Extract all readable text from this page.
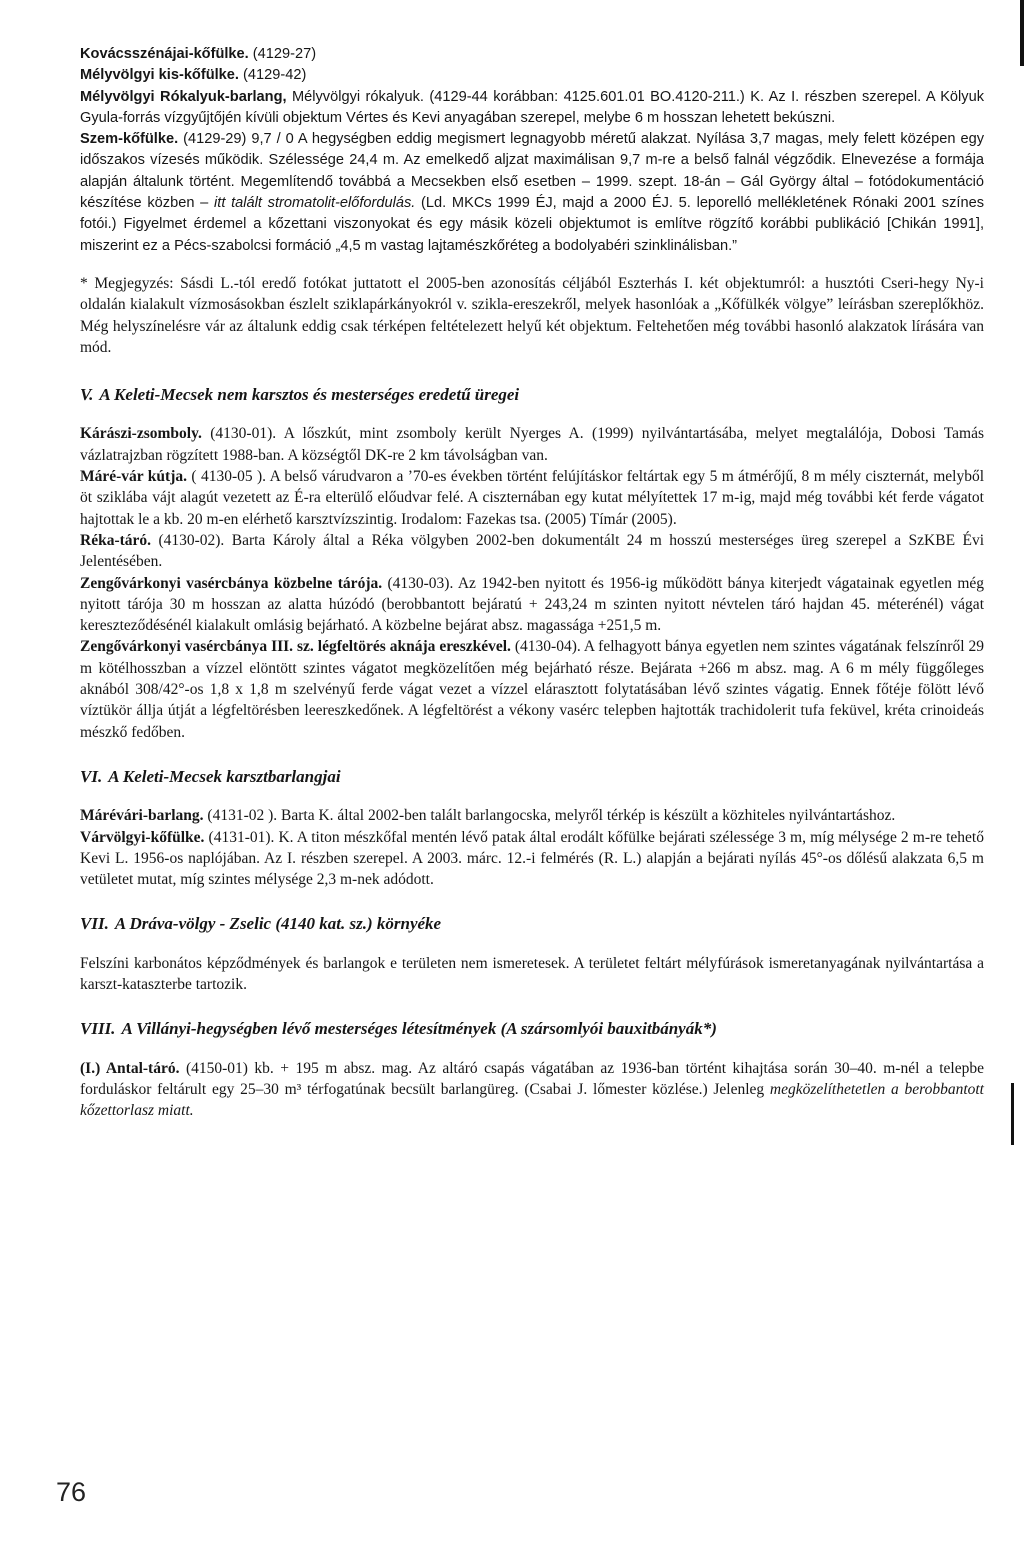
Kovácsszénájai-kőfülke. (4129-27)

Mélyvölgyi kis-kőfülke. (4129-42)

Mélyvölgyi Rókalyuk-barlang, Mélyvölgyi rókalyuk. (4129-44 korábban: 4125.601.01 BO.4120-211.) K. Az I. részben szerepel. A Kölyuk Gyula-forrás vízgyűjtőjén kívüli objektum Vértes és Kevi anyagában szerepel, melybe 6 m hosszan lehetett bekúszni.

Szem-kőfülke. (4129-29) 9,7 / 0 A hegységben eddig megismert legnagyobb méretű alakzat. Nyílása 3,7 magas, mely felett középen egy időszakos vízesés működik. Szélessége 24,4 m. Az emelkedő aljzat maximálisan 9,7 m-re a belső falnál végződik. Elnevezése a formája alapján általunk történt. Megemlítendő továbbá a Mecsekben első esetben – 1999. szept. 18-án – Gál György által – fotódokumentáció készítése közben – itt talált stromatolit-előfordulás. (Ld. MKCs 1999 ÉJ, majd a 2000 ÉJ. 5. leporelló mellékletének Rónaki 2001 színes fotói.) Figyelmet érdemel a kőzettani viszonyokat és egy másik közeli objektumot is említve rögzítő korábbi publikáció [Chikán 1991], miszerint ez a Pécs-szabolcsi formáció „4,5 m vastag lajtamészkőréteg a bodolyabéri szinklinálisban.”

* Megjegyzés: Sásdi L.-tól eredő fotókat juttatott el 2005-ben azonosítás céljából Eszterhás I. két objektumról: a husztóti Cseri-hegy Ny-i oldalán kialakult vízmosásokban észlelt sziklapárkányokról v. szikla-ereszekről, melyek hasonlóak a „Kőfülkék völgye” leírásban szereplőkhöz. Még helyszínelésre vár az általunk eddig csak térképen feltételezett helyű két objektum. Feltehetően még további hasonló alakzatok lírására van mód.

V. A Keleti-Mecsek nem karsztos és mesterséges eredetű üregei

Kárászi-zsomboly. (4130-01). A lőszkút, mint zsomboly került Nyerges A. (1999) nyilvántartásába, melyet megtalálója, Dobosi Tamás vázlatrajzban rögzített 1988-ban. A községtől DK-re 2 km távolságban van.

Máré-vár kútja. ( 4130-05 ). A belső várudvaron a ’70-es években történt felújításkor feltártak egy 5 m átmérőjű, 8 m mély ciszternát, melyből öt sziklába vájt alagút vezetett az É-ra elterülő előudvar felé. A ciszternában egy kutat mélyítettek 17 m-ig, majd még további két ferde vágatot hajtottak le a kb. 20 m-en elérhető karsztvízszintig. Irodalom: Fazekas tsa. (2005) Tímár (2005).

Réka-táró. (4130-02). Barta Károly által a Réka völgyben 2002-ben dokumentált 24 m hosszú mesterséges üreg szerepel a SzKBE Évi Jelentésében.

Zengővárkonyi vasércbánya közbelne tárója. (4130-03). Az 1942-ben nyitott és 1956-ig működött bánya kiterjedt vágatainak egyetlen még nyitott tárója 30 m hosszan az alatta húzódó (berobbantott bejáratú + 243,24 m szinten nyitott névtelen táró hajdan 45. méterénél) vágat kereszteződésénél kialakult omlásig bejárható. A közbelne bejárat absz. magassága +251,5 m.

Zengővárkonyi vasércbánya III. sz. légfeltörés aknája ereszkével. (4130-04). A felhagyott bánya egyetlen nem szintes vágatának felszínről 29 m kötélhosszban a vízzel elöntött szintes vágatot megközelítően még bejárható része. Bejárata +266 m absz. mag. A 6 m mély függőleges aknából 308/42°-os 1,8 x 1,8 m szelvényű ferde vágat vezet a vízzel elárasztott folytatásában lévő szintes vágatig. Ennek főtéje fölött lévő víztükör állja útját a légfeltörésben leereszkedőnek. A légfeltörést a vékony vasérc telepben hajtották trachidolerit tufa feküvel, kréta crinoideás mészkő fedőben.

VI. A Keleti-Mecsek karsztbarlangjai

Márévári-barlang. (4131-02 ). Barta K. által 2002-ben talált barlangocska, melyről térkép is készült a közhiteles nyilvántartáshoz.

Várvölgyi-kőfülke. (4131-01). K. A titon mészkőfal mentén lévő patak által erodált kőfülke bejárati szélessége 3 m, míg mélysége 2 m-re tehető Kevi L. 1956-os naplójában. Az I. részben szerepel. A 2003. márc. 12.-i felmérés (R. L.) alapján a bejárati nyílás 45°-os dőlésű alakzata 6,5 m vetületet mutat, míg szintes mélysége 2,3 m-nek adódott.

VII. A Dráva-völgy - Zselic (4140 kat. sz.) környéke

Felszíni karbonátos képződmények és barlangok e területen nem ismeretesek. A területet feltárt mélyfúrások ismeretanyagának nyilvántartása a karszt-kataszterbe tartozik.

VIII. A Villányi-hegységben lévő mesterséges létesítmények (A szársomlyói bauxitbányák*)

(I.) Antal-táró. (4150-01) kb. + 195 m absz. mag. Az altáró csapás vágatában az 1936-ban történt kihajtása során 30–40. m-nél a telepbe forduláskor feltárult egy 25–30 m³ térfogatúnak becsült barlangüreg. (Csabai J. lőmester közlése.) Jelenleg megközelíthetetlen a berobbantott kőzettorlasz miatt.

76
